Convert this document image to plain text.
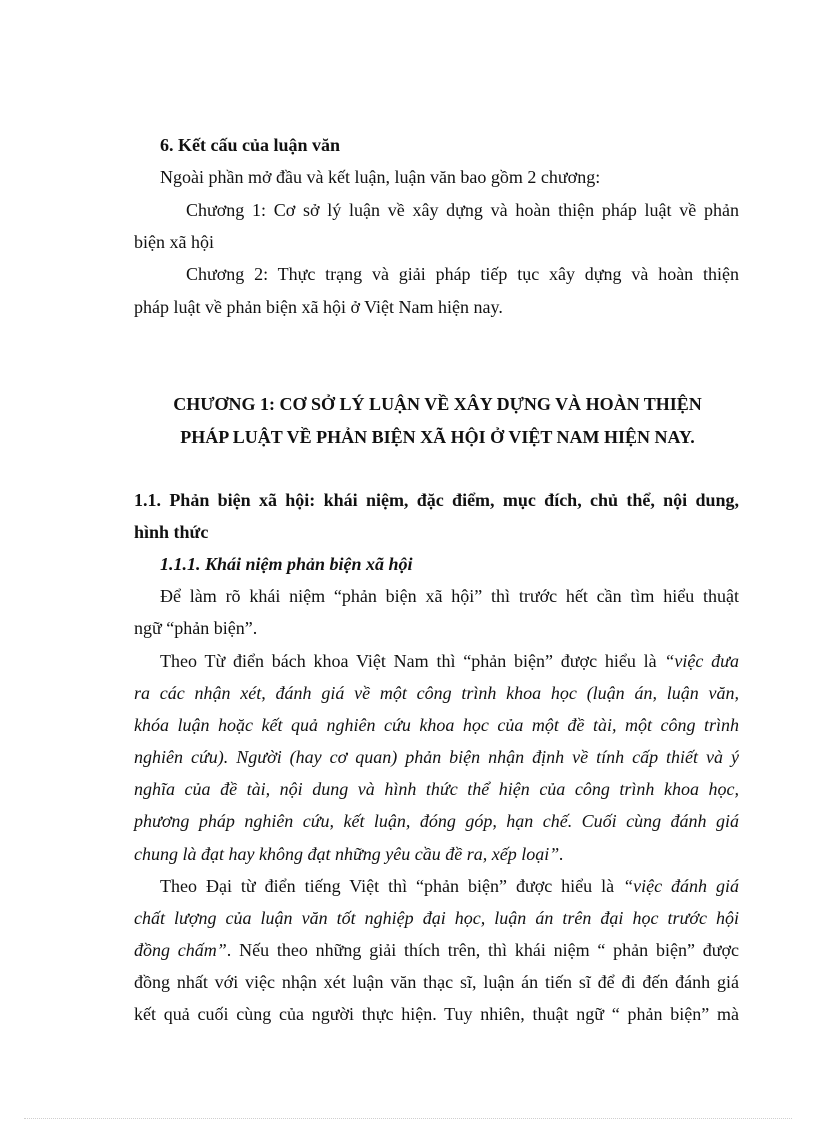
6. Kết cấu của luận văn
Ngoài phần mở đầu và kết luận, luận văn bao gồm 2 chương:
Chương 1: Cơ sở lý luận về xây dựng và hoàn thiện pháp luật về phản
biện xã hội
Chương 2: Thực trạng và giải pháp tiếp tục xây dựng và hoàn thiện
pháp luật về phản biện xã hội ở Việt Nam hiện nay.
CHƯƠNG 1: CƠ SỞ LÝ LUẬN VỀ XÂY DỰNG VÀ HOÀN THIỆN
PHÁP LUẬT VỀ PHẢN BIỆN XÃ HỘI Ở VIỆT NAM HIỆN NAY.
1.1. Phản biện xã hội: khái niệm, đặc điểm, mục đích, chủ thể, nội dung,
hình thức
1.1.1. Khái niệm phản biện xã hội
Để làm rõ khái niệm “phản biện xã hội” thì trước hết cần tìm hiểu thuật
ngữ “phản biện”.
Theo Từ điển bách khoa Việt Nam thì “phản biện” được hiểu là “việc đưa
ra các nhận xét, đánh giá về một công trình khoa học (luận án, luận văn,
khóa luận hoặc kết quả nghiên cứu khoa học của một đề tài, một công trình
nghiên cứu). Người (hay cơ quan) phản biện nhận định về tính cấp thiết và ý
nghĩa của đề tài, nội dung và hình thức thể hiện của công trình khoa học,
phương pháp nghiên cứu, kết luận, đóng góp, hạn chế. Cuối cùng đánh giá
chung là đạt hay không đạt những yêu cầu đề ra, xếp loại”.
Theo Đại từ điển tiếng Việt thì “phản biện” được hiểu là “việc đánh giá
chất lượng của luận văn tốt nghiệp đại học, luận án trên đại học trước hội
đồng chấm”. Nếu theo những giải thích trên, thì khái niệm “ phản biện” được
đồng nhất với việc nhận xét luận văn thạc sĩ, luận án tiến sĩ để đi đến đánh giá
kết quả cuối cùng của người thực hiện. Tuy nhiên, thuật ngữ “ phản biện” mà
